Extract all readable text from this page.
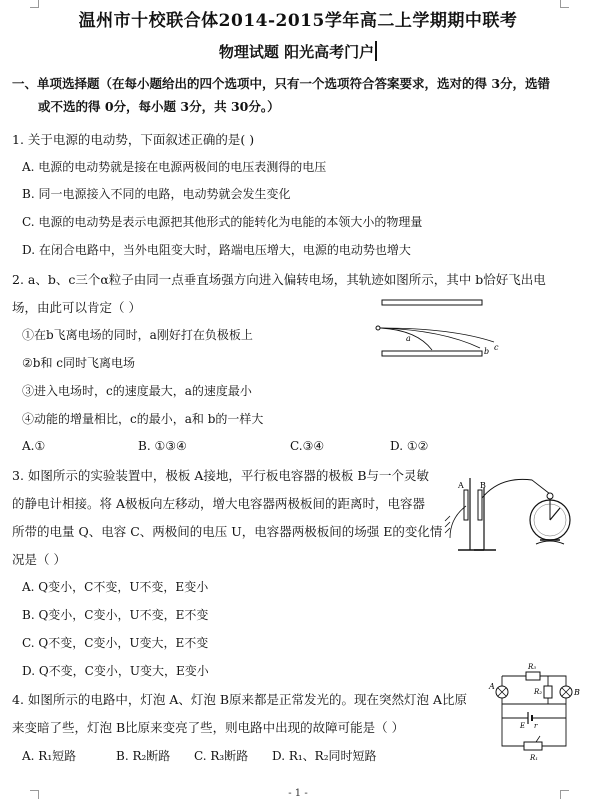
温州市十校联合体2014-2015学年高二上学期期中联考
物理试题 阳光高考门户
一、单项选择题（在每小题给出的四个选项中，只有一个选项符合答案要求，选对的得 3分，选错
或不选的得 0分，每小题 3分，共 30分。）
1. 关于电源的电动势，下面叙述正确的是( )
A. 电源的电动势就是接在电源两极间的电压表测得的电压
B. 同一电源接入不同的电路，电动势就会发生变化
C. 电源的电动势是表示电源把其他形式的能转化为电能的本领大小的物理量
D. 在闭合电路中，当外电阻变大时，路端电压增大，电源的电动势也增大
2. a、b、c三个α粒子由同一点垂直场强方向进入偏转电场，其轨迹如图所示，其中 b恰好飞出电
场，由此可以肯定（ ）
①在b飞离电场的同时，a刚好打在负极板上
②b和 c同时飞离电场
③进入电场时，c的速度最大，a的速度最小
④动能的增量相比，c的最小，a和 b的一样大
A.①	B. ①③④	C.③④	D. ①②
a
b c
3. 如图所示的实验装置中，极板 A接地，平行板电容器的极板 B与一个灵敏
的静电计相接。将 A极板向左移动，增大电容器两极板间的距离时，电容器
所带的电量 Q、电容 C、两极间的电压 U，电容器两极板间的场强 E的变化情
况是（ ）
A. Q变小，C不变，U不变，E变小
B. Q变小，C变小，U不变，E不变
C. Q不变，C变小，U变大，E不变
D. Q不变，C变小，U变大，E变小
A B
4. 如图所示的电路中，灯泡 A、灯泡 B原来都是正常发光的。现在突然灯泡 A比原
来变暗了些，灯泡 B比原来变亮了些，则电路中出现的故障可能是（ ）
A. R₁短路	B. R₂断路 C. R₃断路 D. R₁、R₂同时短路
R₃
A
B
R₂
E r
R₁
- 1 -
